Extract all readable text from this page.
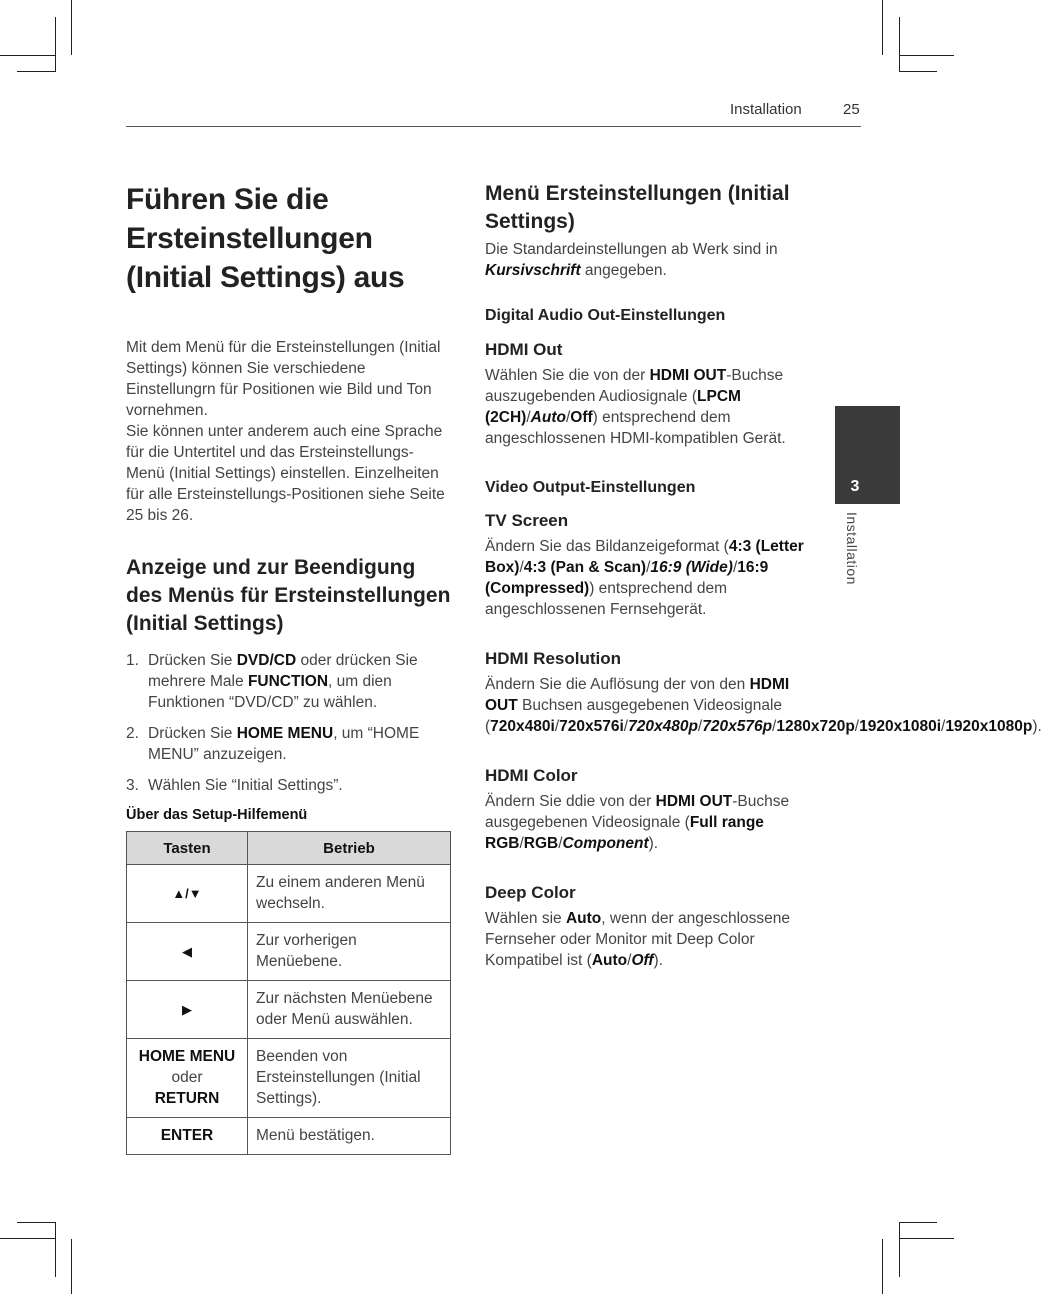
Installation	25
3
Installation
Führen Sie die Ersteinstellungen (Initial Settings) aus

Mit dem Menü für die Ersteinstellungen (Initial Settings) können Sie verschiedene Einstellungrn für Positionen wie Bild und Ton vornehmen.

Sie können unter anderem auch eine Sprache für die Untertitel und das Ersteinstellungs-Menü (Initial Settings) einstellen. Einzelheiten für alle Ersteinstellungs-Positionen siehe Seite 25 bis 26.

Anzeige und zur Beendigung des Menüs für Ersteinstellungen (Initial Settings)
1. Drücken Sie DVD/CD oder drücken Sie mehrere Male FUNCTION, um dien Funktionen “DVD/CD” zu wählen.
2. Drücken Sie HOME MENU, um “HOME MENU” anzuzeigen.
3. Wählen Sie “Initial Settings”.
Über das Setup-Hilfemenü
Tasten	Betrieb
▲/▼	Zu einem anderen Menü wechseln.
◀	Zur vorherigen Menüebene.
▶	Zur nächsten Menüebene oder Menü auswählen.

HOME MENU
oder
RETURN	Beenden von Ersteinstellungen (Initial Settings).
ENTER	Menü bestätigen.
Menü Ersteinstellungen (Initial Settings)

Die Standardeinstellungen ab Werk sind in Kursivschrift angegeben.

Digital Audio Out-Einstellungen
HDMI Out

Wählen Sie die von der HDMI OUT-Buchse auszugebenden Audiosignale (LPCM (2CH)/Auto/Off) entsprechend dem angeschlossenen HDMI-kompatiblen Gerät.

Video Output-Einstellungen
TV Screen

Ändern Sie das Bildanzeigeformat (4:3 (Letter Box)/4:3 (Pan & Scan)/16:9 (Wide)/16:9 (Compressed)) entsprechend dem angeschlossenen Fernsehgerät.

HDMI Resolution

Ändern Sie die Auflösung der von den HDMI OUT Buchsen ausgegebenen Videosignale (720x480i/720x576i/720x480p/720x576p/1280x720p/1920x1080i/1920x1080p).

HDMI Color

Ändern Sie ddie von der HDMI OUT-Buchse ausgegebenen Videosignale (Full range RGB/RGB/Component).

Deep Color

Wählen sie Auto, wenn der angeschlossene Fernseher oder Monitor mit Deep Color Kompatibel ist (Auto/Off).
